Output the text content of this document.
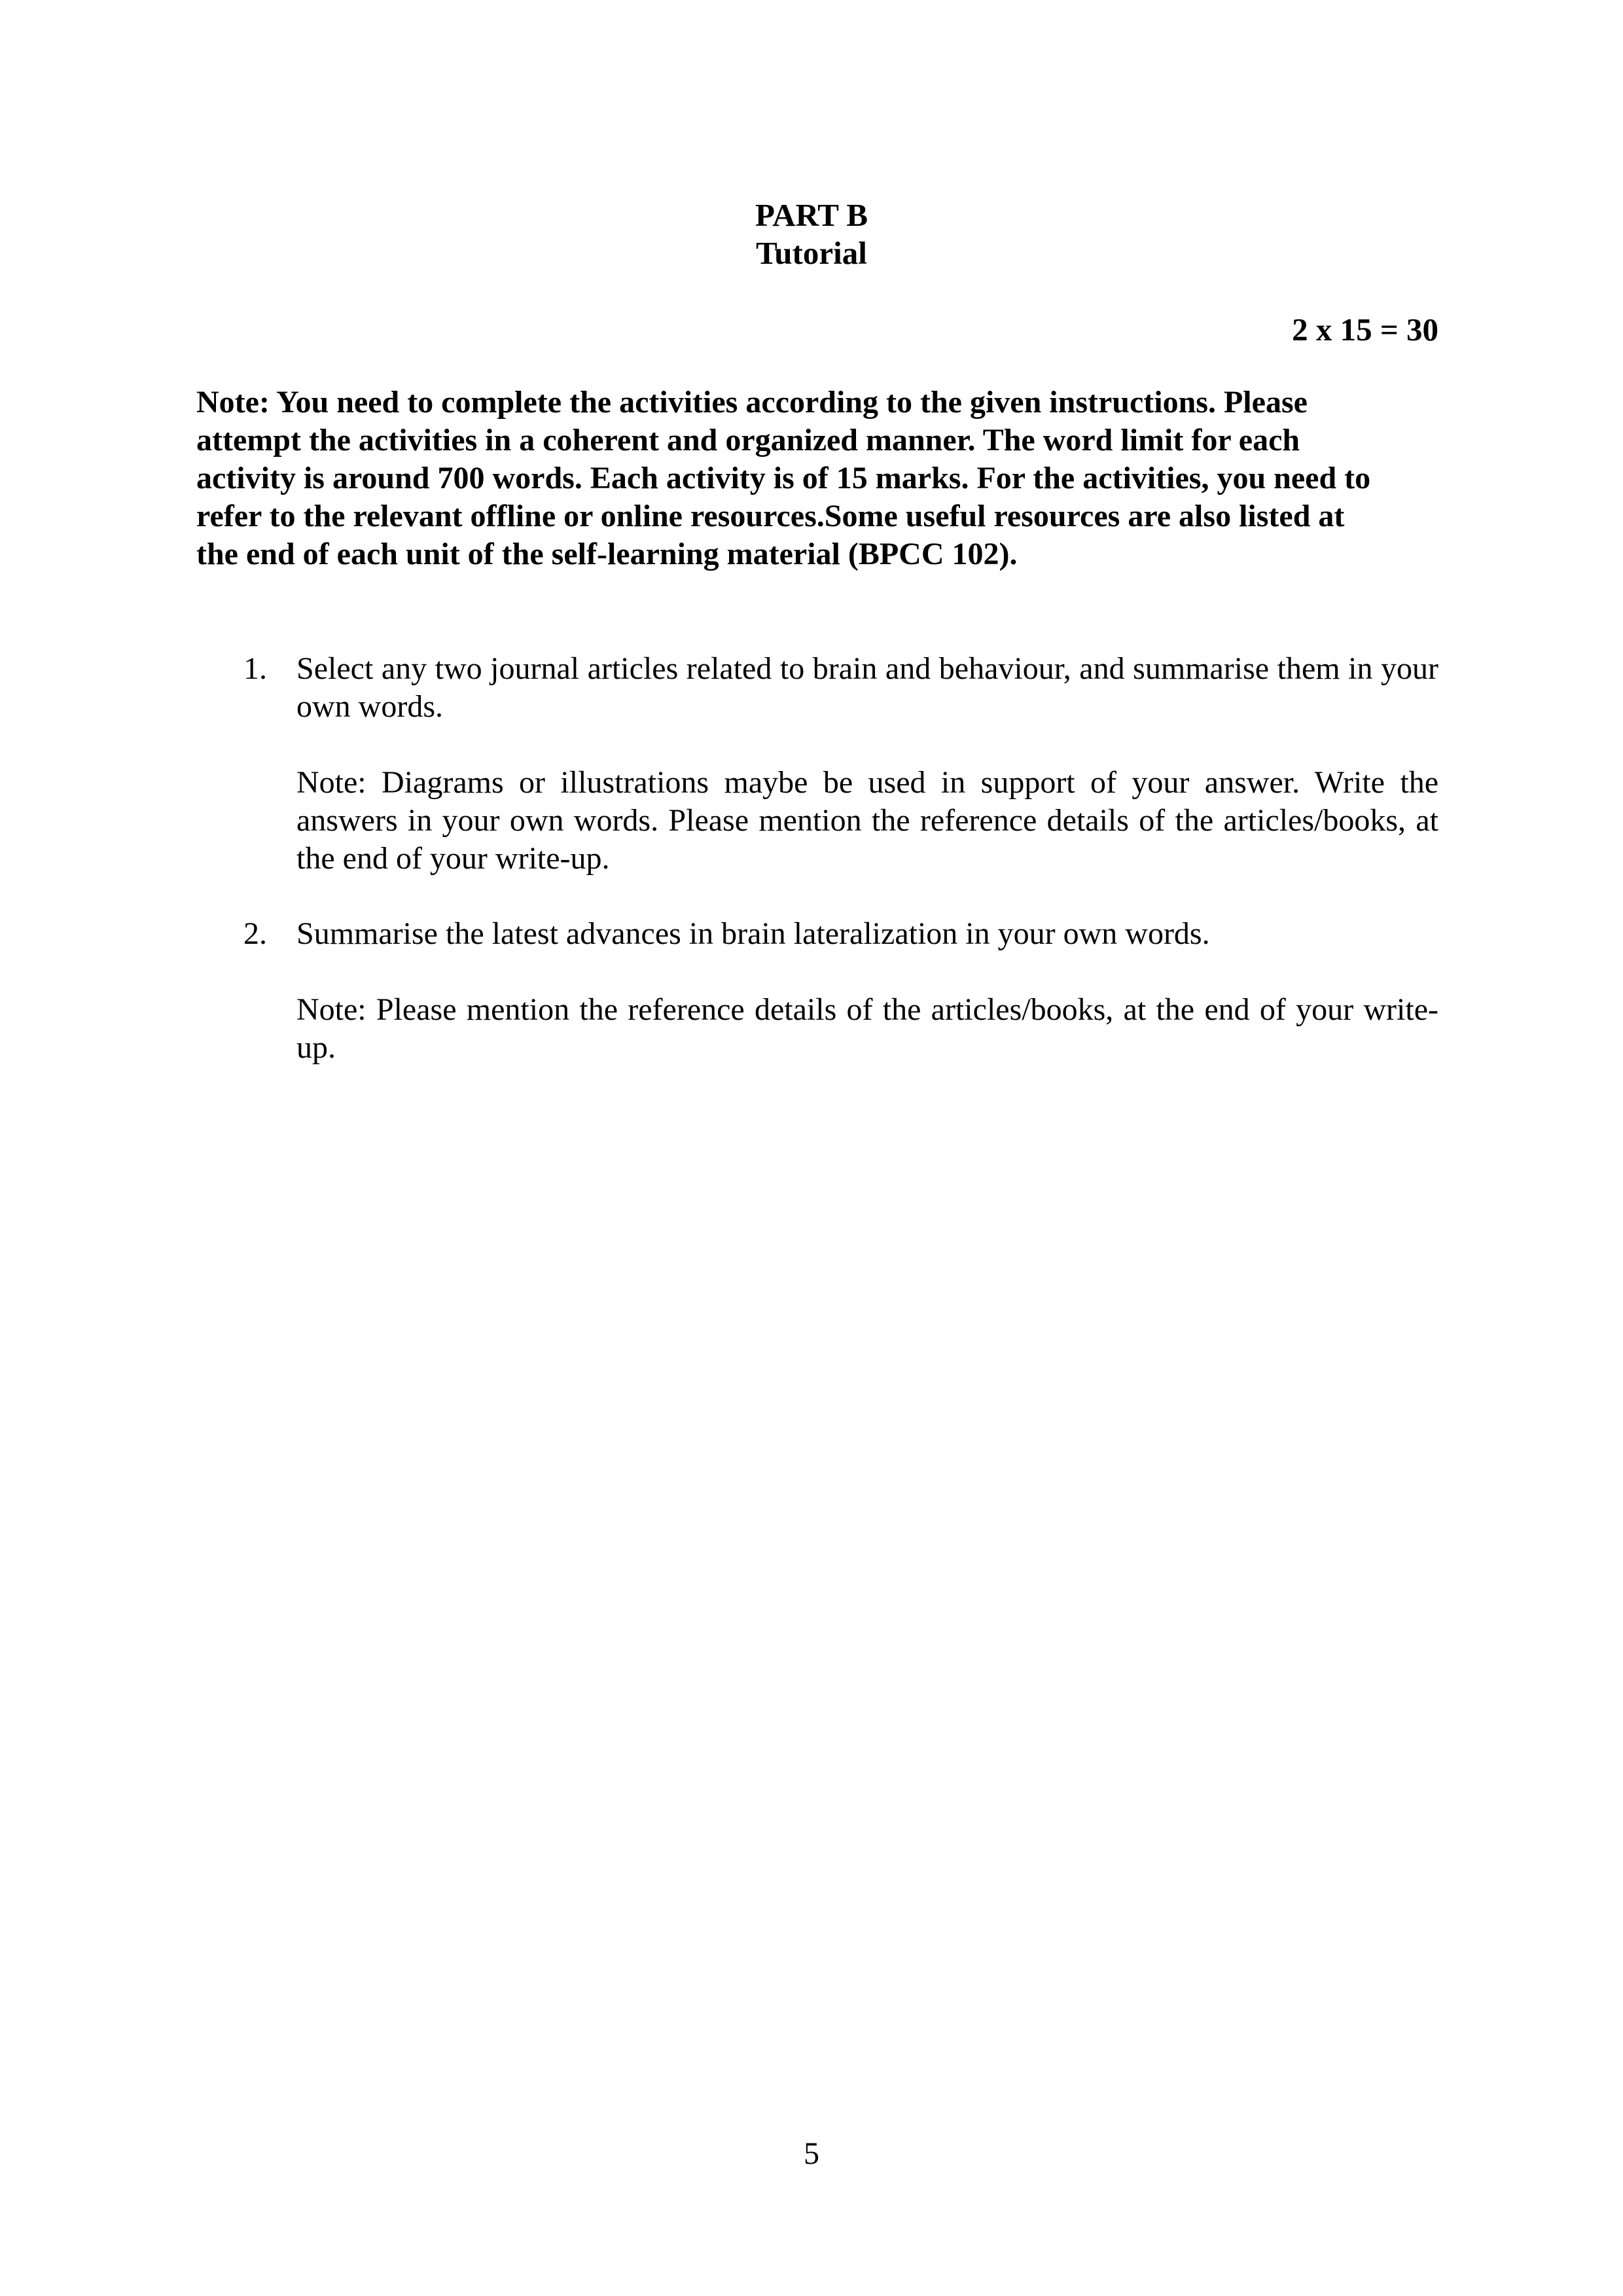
PART B
Tutorial
2 x 15 = 30
Note: You need to complete the activities according to the given instructions. Please
attempt the activities in a coherent and organized manner. The word limit for each
activity is around 700 words. Each activity is of 15 marks. For the activities, you need to
refer to the relevant offline or online resources.Some useful resources are also listed at
the end of each unit of the self-learning material (BPCC 102).
1. Select any two journal articles related to brain and behaviour, and summarise them in your own words.

Note: Diagrams or illustrations maybe be used in support of your answer. Write the answers in your own words. Please mention the reference details of the articles/books, at the end of your write-up.

2. Summarise the latest advances in brain lateralization in your own words.

Note: Please mention the reference details of the articles/books, at the end of your write-up.

5
